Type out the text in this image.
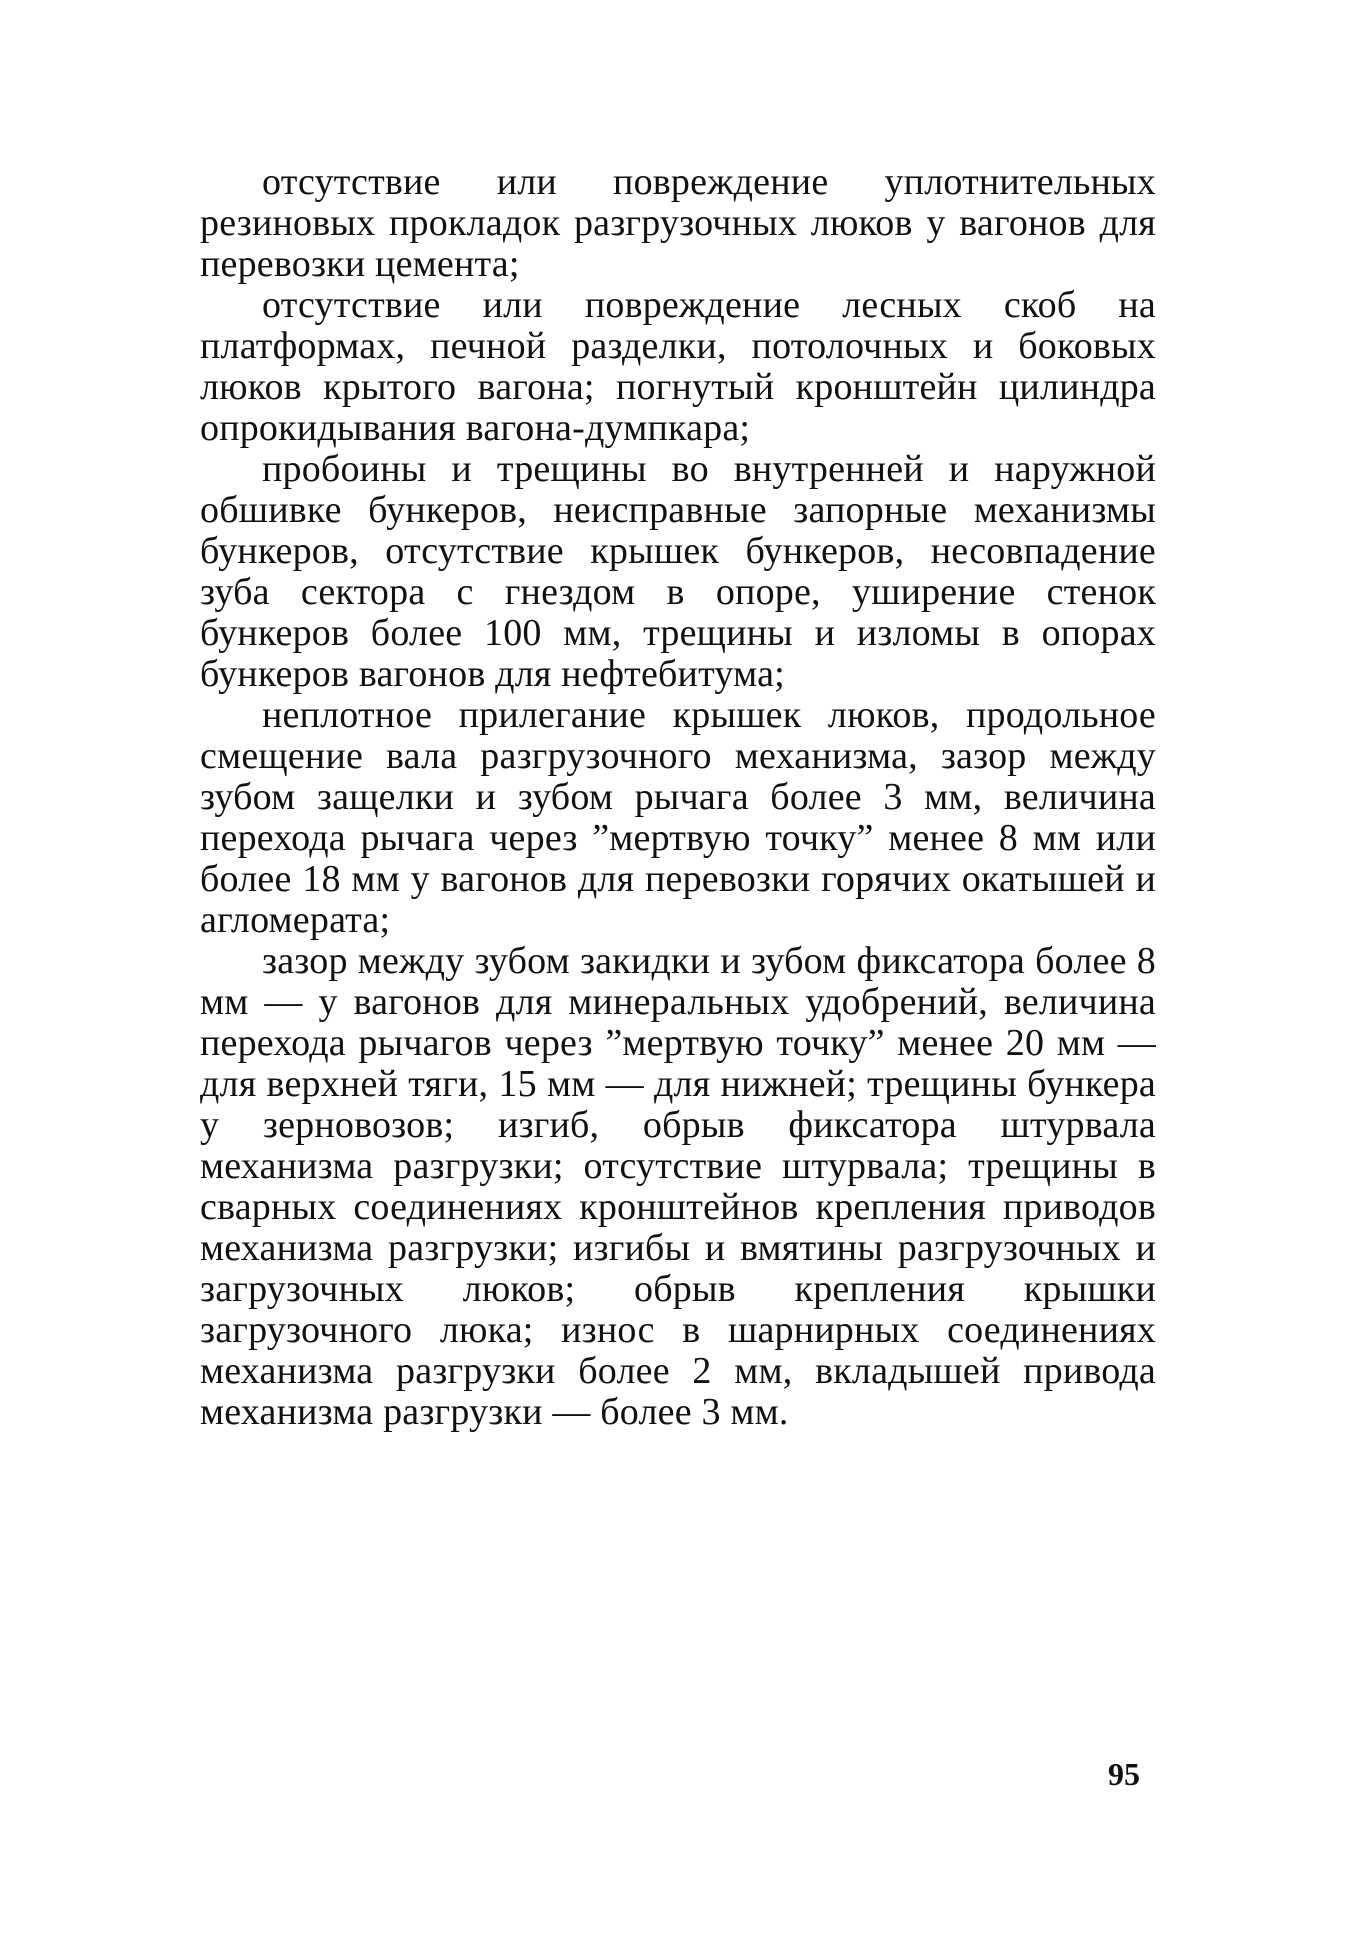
отсутствие или повреждение уплотнительных резиновых прокладок разгрузочных люков у вагонов для перевозки цемента;

отсутствие или повреждение лесных скоб на платформах, печной разделки, потолочных и боковых люков крытого вагона; погнутый кронштейн цилиндра опрокидывания вагона-думпкара;

пробоины и трещины во внутренней и наружной обшивке бункеров, неисправные запорные механизмы бункеров, отсутствие крышек бункеров, несовпадение зуба сектора с гнездом в опоре, уширение стенок бункеров более 100 мм, трещины и изломы в опорах бункеров вагонов для нефтебитума;

неплотное прилегание крышек люков, продольное смещение вала разгрузочного механизма, зазор между зубом защелки и зубом рычага более 3 мм, величина перехода рычага через ”мертвую точку” менее 8 мм или более 18 мм у вагонов для перевозки горячих окатышей и агломерата;

зазор между зубом закидки и зубом фиксатора более 8 мм — у вагонов для минеральных удобрений, величина перехода рычагов через ”мертвую точку” менее 20 мм — для верхней тяги, 15 мм — для нижней; трещины бункера у зерновозов; изгиб, обрыв фиксатора штурвала механизма разгрузки; отсутствие штурвала; трещины в сварных соединениях кронштейнов крепления приводов механизма разгрузки; изгибы и вмятины разгрузочных и загрузочных люков; обрыв крепления крышки загрузочного люка; износ в шарнирных соединениях механизма разгрузки более 2 мм, вкладышей привода механизма разгрузки — более 3 мм.

95
